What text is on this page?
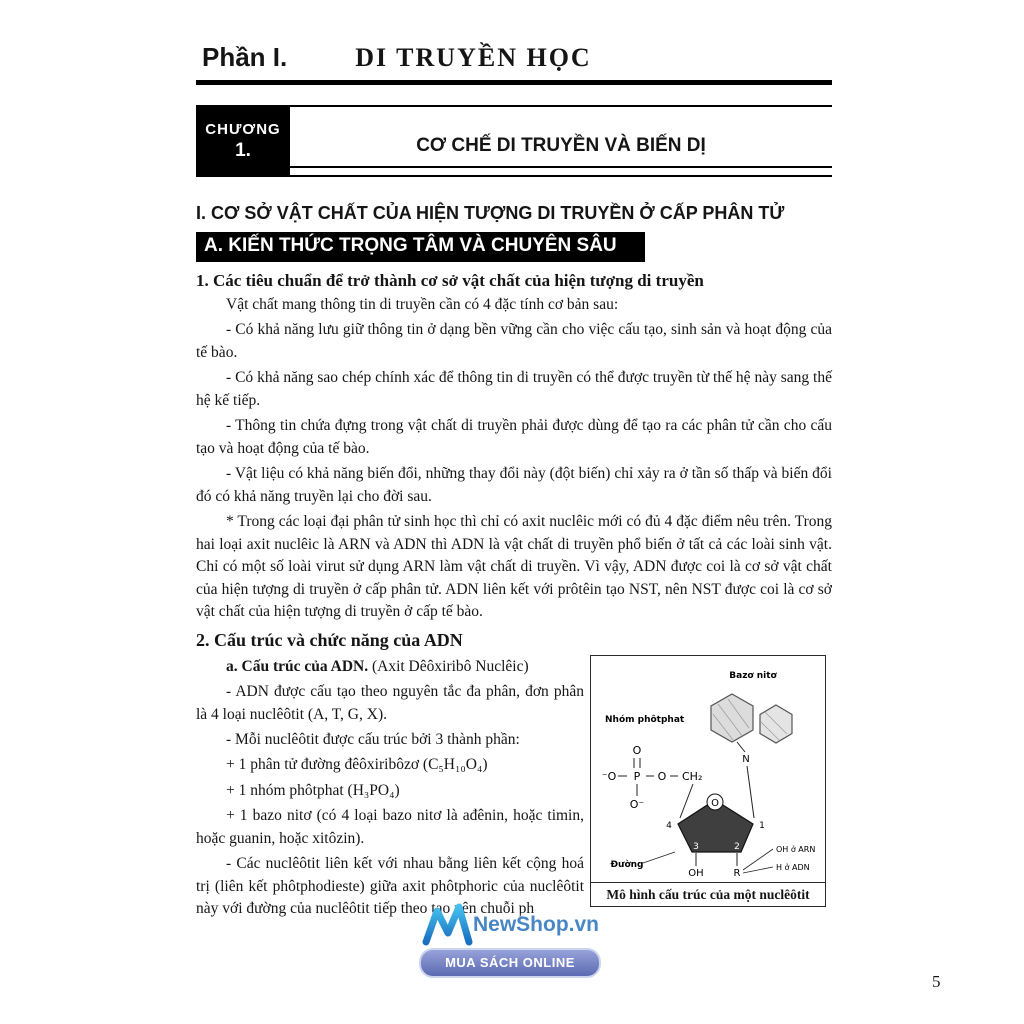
Phần I.	DI TRUYỀN HỌC
CHƯƠNG
1.	CƠ CHẾ DI TRUYỀN VÀ BIẾN DỊ
I. CƠ SỞ VẬT CHẤT CỦA HIỆN TƯỢNG DI TRUYỀN Ở CẤP PHÂN TỬ
A. KIẾN THỨC TRỌNG TÂM VÀ CHUYÊN SÂU
1. Các tiêu chuẩn để trở thành cơ sở vật chất của hiện tượng di truyền

Vật chất mang thông tin di truyền cần có 4 đặc tính cơ bản sau:

- Có khả năng lưu giữ thông tin ở dạng bền vững cần cho việc cấu tạo, sinh sản và hoạt động của tế bào.

- Có khả năng sao chép chính xác để thông tin di truyền có thể được truyền từ thế hệ này sang thế hệ kế tiếp.

- Thông tin chứa đựng trong vật chất di truyền phải được dùng để tạo ra các phân tử cần cho cấu tạo và hoạt động của tế bào.

- Vật liệu có khả năng biến đổi, những thay đổi này (đột biến) chỉ xảy ra ở tần số thấp và biến đổi đó có khả năng truyền lại cho đời sau.

* Trong các loại đại phân tử sinh học thì chỉ có axit nuclêic mới có đủ 4 đặc điểm nêu trên. Trong hai loại axit nuclêic là ARN và ADN thì ADN là vật chất di truyền phổ biến ở tất cả các loài sinh vật. Chỉ có một số loài virut sử dụng ARN làm vật chất di truyền. Vì vậy, ADN được coi là cơ sở vật chất của hiện tượng di truyền ở cấp phân tử. ADN liên kết với prôtêin tạo NST, nên NST được coi là cơ sở vật chất của hiện tượng di truyền ở cấp tế bào.

2. Cấu trúc và chức năng của ADN

a. Cấu trúc của ADN. (Axit Dêôxiribô Nuclêic)

- ADN được cấu tạo theo nguyên tắc đa phân, đơn phân là 4 loại nuclêôtit (A, T, G, X).

- Mỗi nuclêôtit được cấu trúc bởi 3 thành phần:

+ 1 phân tử đường đêôxiribôzơ (C₅H₁₀O₄)

+ 1 nhóm phôtphat (H₃PO₄)

+ 1 bazo nitơ (có 4 loại bazo nitơ là ađênin, hoặc timin, hoặc guanin, hoặc xitôzin).

- Các nuclêôtit liên kết với nhau bằng liên kết cộng hoá trị (liên kết phôtphodieste) giữa axit phôtphoric của nuclêôtit này với đường của nuclêôtit tiếp theo tạo nên chuỗi ph

Bazơ nitơ
N
Nhóm phôtphat
O
⁻O P O CH₂
O⁻	O
4	1
3	2
OH	R
Đường
OH ở ARN
H ở ADN
Mô hình cấu trúc của một nuclêôtit
NewShop.vn
MUA SÁCH ONLINE
5
